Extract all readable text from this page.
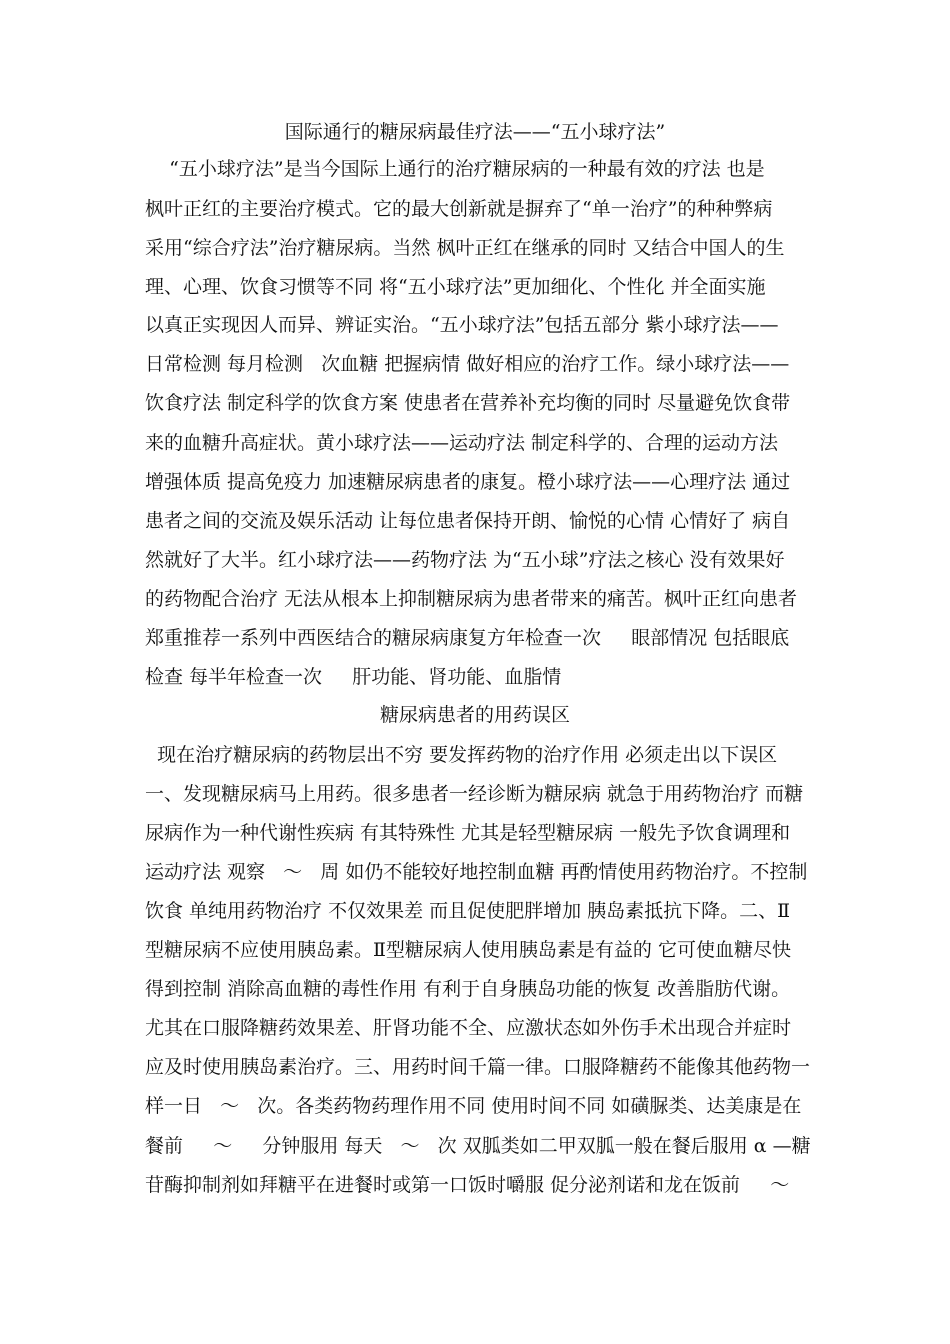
国际通行的糖尿病最佳疗法——“五小球疗法”
“五小球疗法”是当今国际上通行的治疗糖尿病的一种最有效的疗法 也是
枫叶正红的主要治疗模式。它的最大创新就是摒弃了“单一治疗”的种种弊病
采用“综合疗法”治疗糖尿病。当然 枫叶正红在继承的同时 又结合中国人的生
理、心理、饮食习惯等不同 将“五小球疗法”更加细化、个性化 并全面实施
以真正实现因人而异、辨证实治。“五小球疗法”包括五部分 紫小球疗法——
日常检测 每月检测   次血糖 把握病情 做好相应的治疗工作。绿小球疗法——
饮食疗法 制定科学的饮食方案 使患者在营养补充均衡的同时 尽量避免饮食带
来的血糖升高症状。黄小球疗法——运动疗法 制定科学的、合理的运动方法
增强体质 提高免疫力 加速糖尿病患者的康复。橙小球疗法——心理疗法 通过
患者之间的交流及娱乐活动 让每位患者保持开朗、愉悦的心情 心情好了 病自
然就好了大半。红小球疗法——药物疗法 为“五小球”疗法之核心 没有效果好
的药物配合治疗 无法从根本上抑制糖尿病为患者带来的痛苦。枫叶正红向患者
郑重推荐一系列中西医结合的糖尿病康复方年检查一次     眼部情况 包括眼底
检查 每半年检查一次     肝功能、肾功能、血脂情
糖尿病患者的用药误区
现在治疗糖尿病的药物层出不穷 要发挥药物的治疗作用 必须走出以下误区
一、发现糖尿病马上用药。很多患者一经诊断为糖尿病 就急于用药物治疗 而糖
尿病作为一种代谢性疾病 有其特殊性 尤其是轻型糖尿病 一般先予饮食调理和
运动疗法 观察   ～   周 如仍不能较好地控制血糖 再酌情使用药物治疗。不控制
饮食 单纯用药物治疗 不仅效果差 而且促使肥胖增加 胰岛素抵抗下降。二、Ⅱ
型糖尿病不应使用胰岛素。Ⅱ型糖尿病人使用胰岛素是有益的 它可使血糖尽快
得到控制 消除高血糖的毒性作用 有利于自身胰岛功能的恢复 改善脂肪代谢。
尤其在口服降糖药效果差、肝肾功能不全、应激状态如外伤手术出现合并症时
应及时使用胰岛素治疗。三、用药时间千篇一律。口服降糖药不能像其他药物一
样一日   ～   次。各类药物药理作用不同 使用时间不同 如磺脲类、达美康是在
餐前     ～     分钟服用 每天   ～   次 双胍类如二甲双胍一般在餐后服用 α —糖
苷酶抑制剂如拜糖平在进餐时或第一口饭时嚼服 促分泌剂诺和龙在饭前     ～
